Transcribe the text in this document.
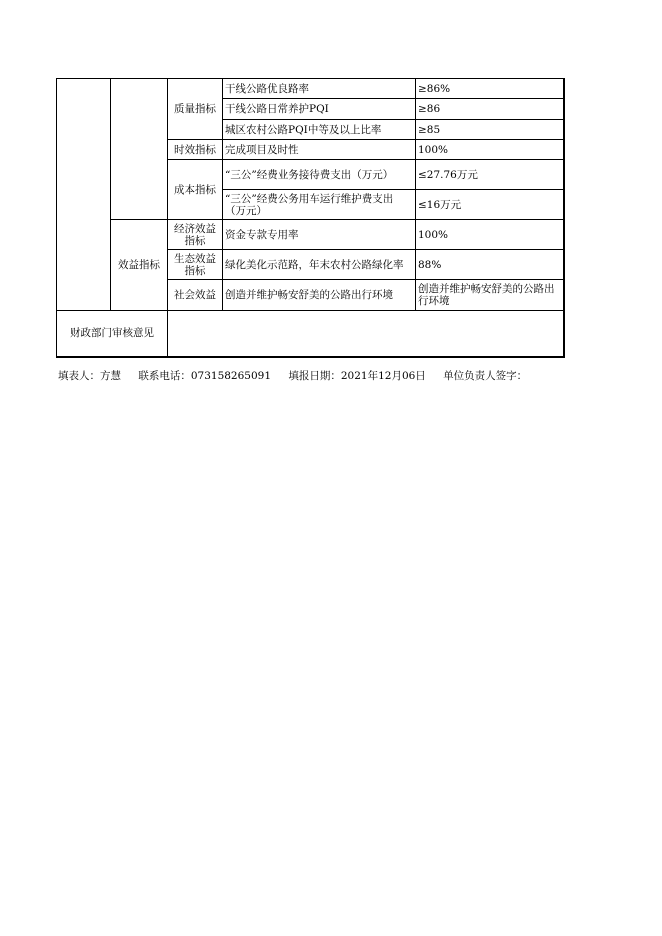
		质量指标	干线公路优良路率	≥86%
			干线公路日常养护PQI	≥86
			城区农村公路PQI中等及以上比率	≥85
		时效指标	完成项目及时性	100%
		成本指标	“三公”经费业务接待费支出（万元）	≤27.76万元
			“三公”经费公务用车运行维护费支出（万元）	≤16万元
	效益指标	经济效益指标	资金专款专用率	100%
		生态效益指标	绿化美化示范路，年末农村公路绿化率	88%
		社会效益	创造并维护畅安舒美的公路出行环境	创造并维护畅安舒美的公路出行环境
财政部门审核意见				
填表人：方慧 联系电话：073158265091 填报日期：2021年12月06日 单位负责人签字：
